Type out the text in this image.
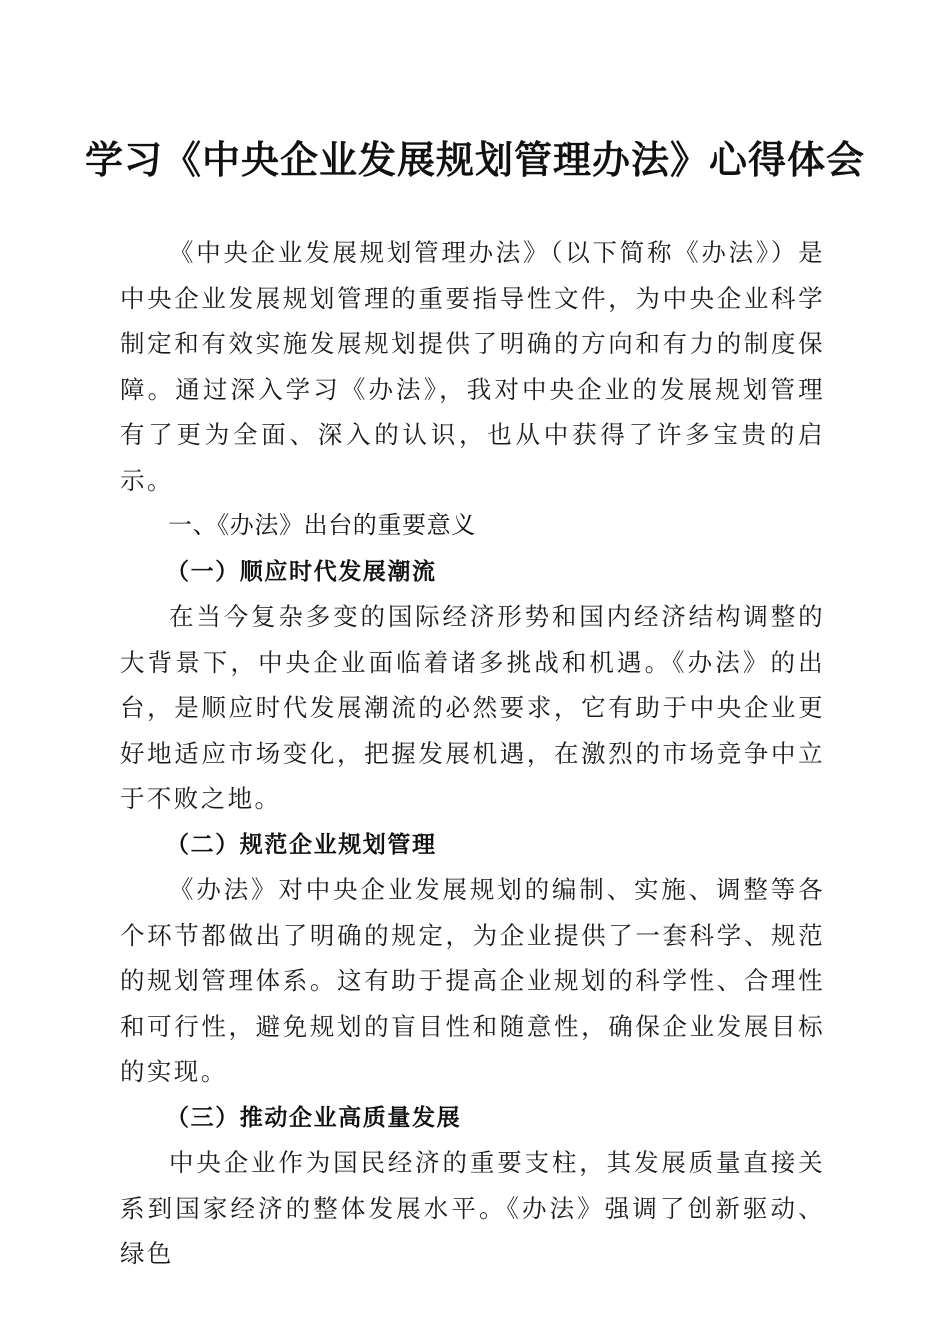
学习《中央企业发展规划管理办法》心得体会

《中央企业发展规划管理办法》（以下简称《办法》）是中央企业发展规划管理的重要指导性文件，为中央企业科学制定和有效实施发展规划提供了明确的方向和有力的制度保障。通过深入学习《办法》，我对中央企业的发展规划管理有了更为全面、深入的认识，也从中获得了许多宝贵的启示。

一、《办法》出台的重要意义

（一）顺应时代发展潮流

在当今复杂多变的国际经济形势和国内经济结构调整的大背景下，中央企业面临着诸多挑战和机遇。《办法》的出台，是顺应时代发展潮流的必然要求，它有助于中央企业更好地适应市场变化，把握发展机遇，在激烈的市场竞争中立于不败之地。

（二）规范企业规划管理

《办法》对中央企业发展规划的编制、实施、调整等各个环节都做出了明确的规定，为企业提供了一套科学、规范的规划管理体系。这有助于提高企业规划的科学性、合理性和可行性，避免规划的盲目性和随意性，确保企业发展目标的实现。

（三）推动企业高质量发展

中央企业作为国民经济的重要支柱，其发展质量直接关系到国家经济的整体发展水平。《办法》强调了创新驱动、绿色
